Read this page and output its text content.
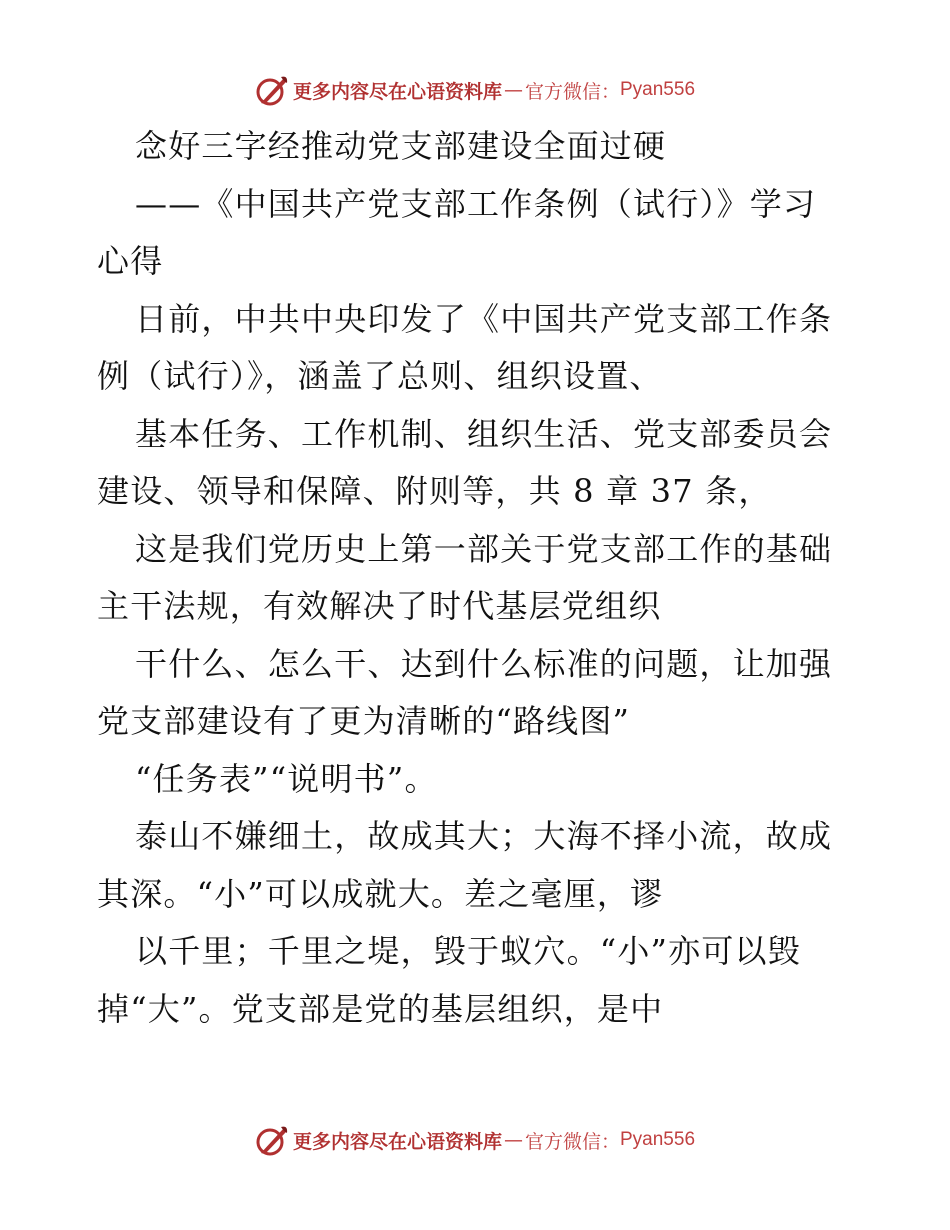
更多内容尽在心语资料库 — 官方微信： Pyan556
念好三字经推动党支部建设全面过硬
——《中国共产党支部工作条例（试行）》学习
心得
日前，中共中央印发了《中国共产党支部工作条
例（试行）》，涵盖了总则、组织设置、
基本任务、工作机制、组织生活、党支部委员会
建设、领导和保障、附则等，共 8 章 37 条，
这是我们党历史上第一部关于党支部工作的基础
主干法规，有效解决了时代基层党组织
干什么、怎么干、达到什么标准的问题，让加强
党支部建设有了更为清晰的“路线图”
“任务表”“说明书”。
泰山不嫌细土，故成其大；大海不择小流，故成
其深。“小”可以成就大。差之毫厘，谬
以千里；千里之堤，毁于蚁穴。“小”亦可以毁
掉“大”。党支部是党的基层组织，是中
更多内容尽在心语资料库 — 官方微信： Pyan556
